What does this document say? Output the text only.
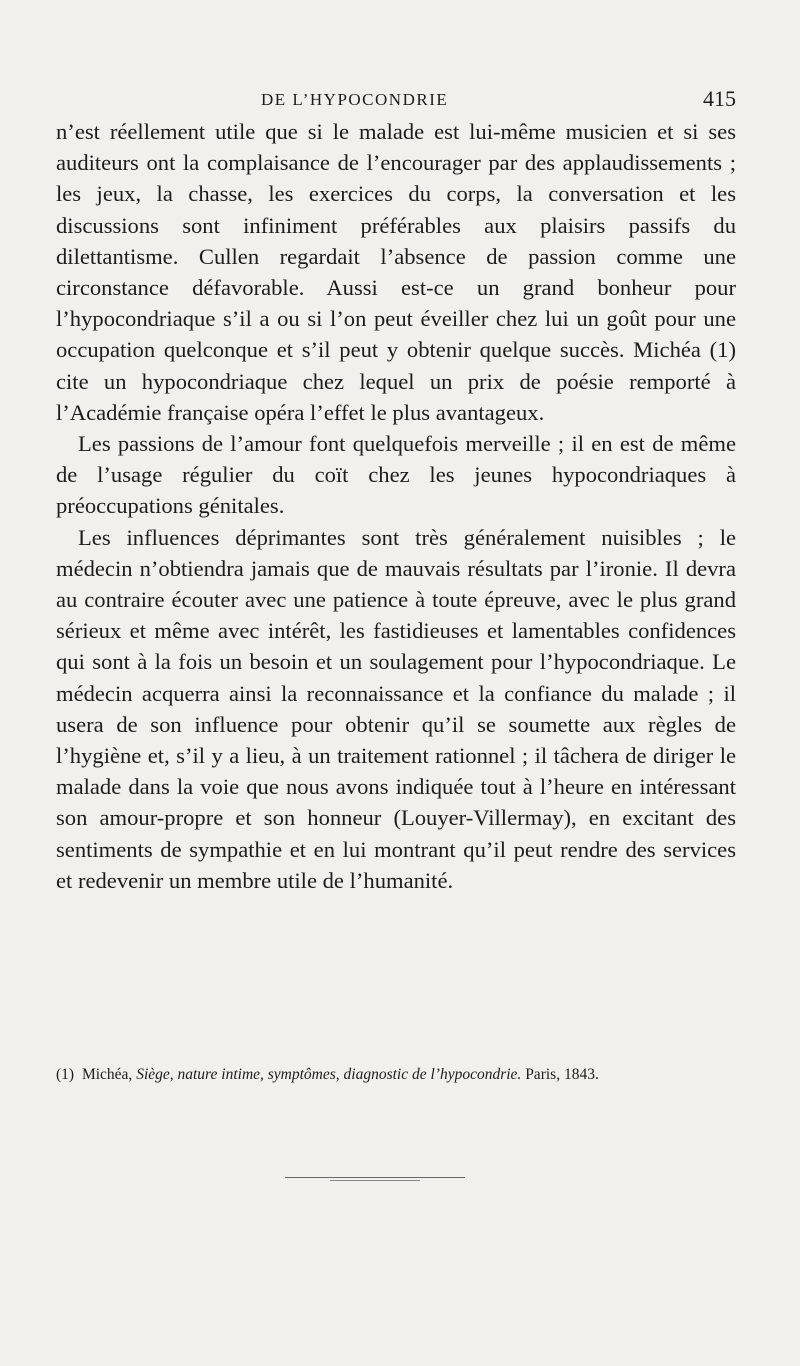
DE L’HYPOCONDRIE	415

n’est réellement utile que si le malade est lui-même musicien et si ses auditeurs ont la complaisance de l’encourager par des applaudissements ; les jeux, la chasse, les exercices du corps, la conversation et les discussions sont infiniment préférables aux plaisirs passifs du dilettantisme. Cullen regardait l’absence de passion comme une circonstance défavorable. Aussi est-ce un grand bonheur pour l’hypocondriaque s’il a ou si l’on peut éveiller chez lui un goût pour une occupation quelconque et s’il peut y obtenir quelque succès. Michéa (1) cite un hypocondriaque chez lequel un prix de poésie remporté à l’Académie française opéra l’effet le plus avantageux.

Les passions de l’amour font quelquefois merveille ; il en est de même de l’usage régulier du coït chez les jeunes hypocondriaques à préoccupations génitales.

Les influences déprimantes sont très généralement nuisibles ; le médecin n’obtiendra jamais que de mauvais résultats par l’ironie. Il devra au contraire écouter avec une patience à toute épreuve, avec le plus grand sérieux et même avec intérêt, les fastidieuses et lamentables confidences qui sont à la fois un besoin et un soulagement pour l’hypocondriaque. Le médecin acquerra ainsi la reconnaissance et la confiance du malade ; il usera de son influence pour obtenir qu’il se soumette aux règles de l’hygiène et, s’il y a lieu, à un traitement rationnel ; il tâchera de diriger le malade dans la voie que nous avons indiquée tout à l’heure en intéressant son amour-propre et son honneur (Louyer-Villermay), en excitant des sentiments de sympathie et en lui montrant qu’il peut rendre des services et redevenir un membre utile de l’humanité.

(1) Michéa, Siège, nature intime, symptômes, diagnostic de l’hypocondrie. Paris, 1843.
